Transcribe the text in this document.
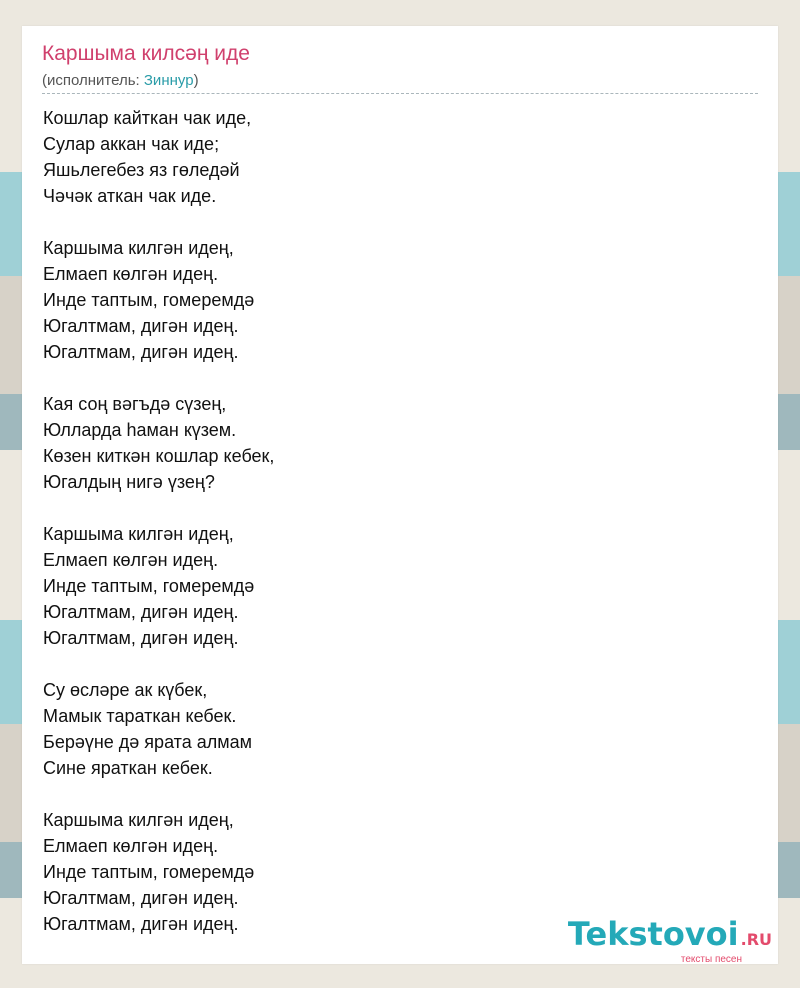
Каршыма килсәң иде
(исполнитель: Зиннур)
Кошлар кайткан чак иде,
Сулар аккан чак иде;
Яшьлегебез яз гөледәй
Чәчәк аткан чак иде.
Каршыма килгән идең,
Елмаеп көлгән идең.
Инде таптым, гомеремдә
Югалтмам, дигән идең.
Югалтмам, дигән идең.
Кая соң вәгъдә сүзең,
Юлларда һаман күзем.
Көзен киткән кошлар кебек,
Югалдың нигә үзең?
Каршыма килгән идең,
Елмаеп көлгән идең.
Инде таптым, гомеремдә
Югалтмам, дигән идең.
Югалтмам, дигән идең.
Су өсләре ак күбек,
Мамык тараткан кебек.
Берәүне дә ярата алмам
Сине яраткан кебек.
Каршыма килгән идең,
Елмаеп көлгән идең.
Инде таптым, гомеремдә
Югалтмам, дигән идең.
Югалтмам, дигән идең.	Tekstovoi .RU
тексты песен
